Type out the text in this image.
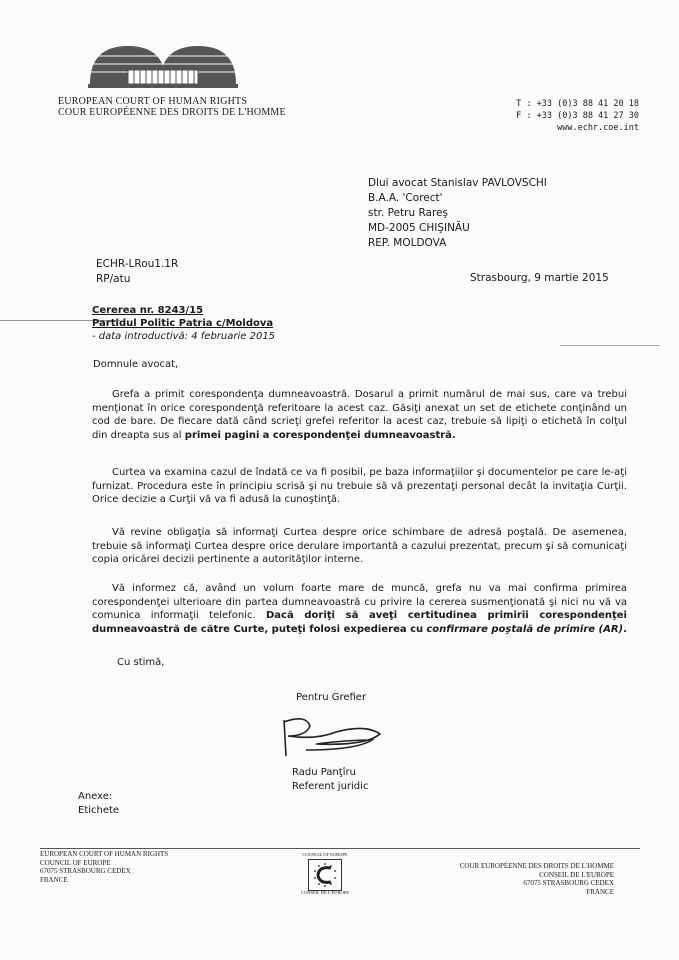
EUROPEAN COURT OF HUMAN RIGHTS
COUR EUROPÉENNE DES DROITS DE L'HOMME
T : +33 (0)3 88 41 20 18
F : +33 (0)3 88 41 27 30
www.echr.coe.int
Dlui avocat Stanislav PAVLOVSCHI
B.A.A. 'Corect'
str. Petru Rareş
MD-2005 CHIŞINĂU
REP. MOLDOVA
ECHR-LRou1.1R
RP/atu	Strasbourg, 9 martie 2015
Cererea nr. 8243/15
Partidul Politic Patria c/Moldova
- data introductivă: 4 februarie 2015
Domnule avocat,
  Grefa a primit corespondenţa dumneavoastră. Dosarul a primit numărul de mai sus, care va trebui menţionat în orice corespondenţă referitoare la acest caz. Găsiţi anexat un set de etichete conţinând un cod de bare. De fiecare dată când scrieţi grefei referitor la acest caz, trebuie să lipiţi o etichetă în colţul din dreapta sus al primei pagini a corespondenţei dumneavoastră.
  Curtea va examina cazul de îndată ce va fi posibil, pe baza informaţiilor şi documentelor pe care le-aţi furnizat. Procedura este în principiu scrisă şi nu trebuie să vă prezentaţi personal decât la invitaţia Curţii. Orice decizie a Curţii vă va fi adusă la cunoştinţă.
  Vă revine obligaţia să informaţi Curtea despre orice schimbare de adresă poştală. De asemenea, trebuie să informaţi Curtea despre orice derulare importantă a cazului prezentat, precum şi să comunicaţi copia oricărei decizii pertinente a autorităţilor interne.
  Vă informez că, având un volum foarte mare de muncă, grefa nu va mai confirma primirea corespondenţei ulterioare din partea dumneavoastră cu privire la cererea susmenţionată şi nici nu vă va comunica informaţii telefonic. Dacă doriţi să aveţi certitudinea primirii corespondenţei dumneavoastră de către Curte, puteţi folosi expedierea cu confirmare poştală de primire (AR).
Cu stimă,
Pentru Grefier
Radu Panţîru
Referent juridic
Anexe:
Etichete
EUROPEAN COURT OF HUMAN RIGHTS
COUNCIL OF EUROPE
67075 STRASBOURG CEDEX
FRANCE
COUNCIL OF EUROPE
CONSEIL DE L'EUROPE
COUR EUROPÉENNE DES DROITS DE L'HOMME
CONSEIL DE L'EUROPE
67075 STRASBOURG CEDEX
FRANCE
